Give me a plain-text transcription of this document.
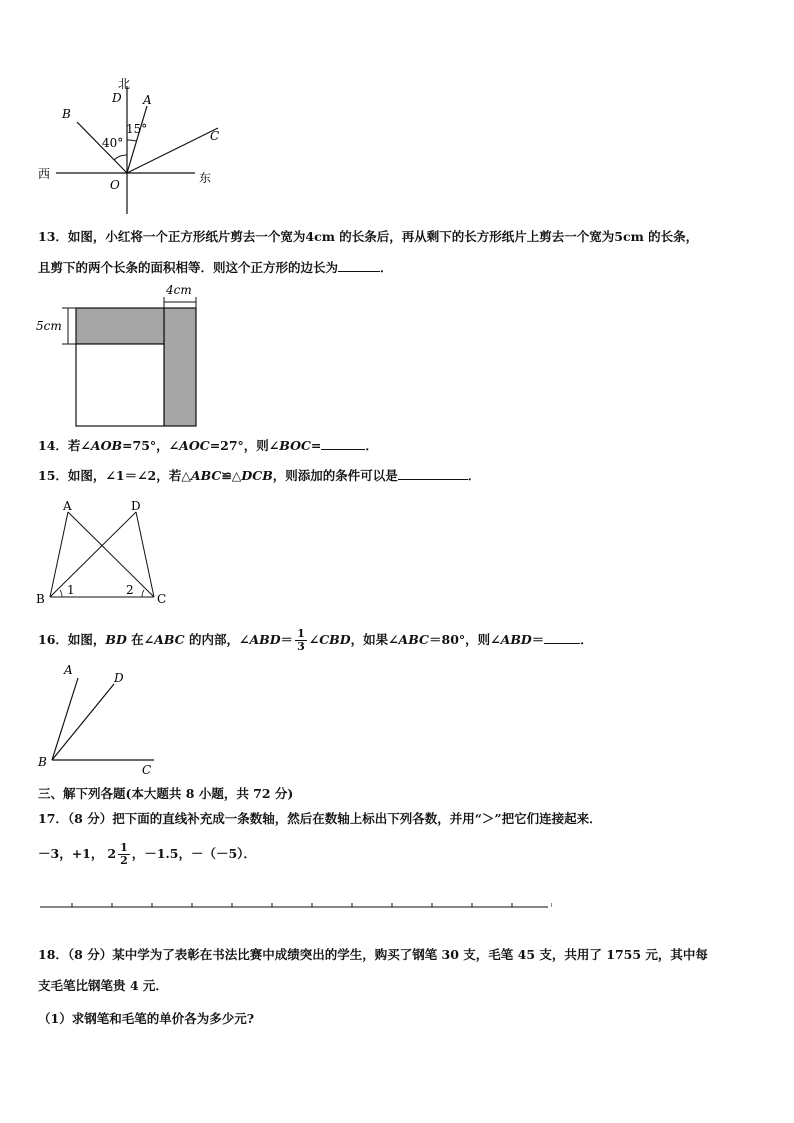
北
D A
B
C
15°
40°
西
O	东
13．如图，小红将一个正方形纸片剪去一个宽为4cm 的长条后，再从剩下的长方形纸片上剪去一个宽为5cm 的长条，
且剪下的两个长条的面积相等．则这个正方形的边长为	．
4cm
5cm
14．若∠AOB=75°，∠AOC=27°，则∠BOC=	．
15．如图，∠1＝∠2，若△ABC≌△DCB，则添加的条件可以是	．
A	D
B	C
1	2
16．如图，BD 在∠ABC 的内部，∠ABD＝ $\frac{1}{3}$ ∠CBD，如果∠ABC＝80°，则∠ABD＝	．
A
D
B
C
三、解下列各题(本大题共 8 小题，共 72 分)
17．（8 分）把下面的直线补充成一条数轴，然后在数轴上标出下列各数，并用“＞”把它们连接起来．
－3，+1， $2 \frac{1}{2}$ ，－1.5，－（－5）．
18．（8 分）某中学为了表彰在书法比赛中成绩突出的学生，购买了钢笔 30 支，毛笔 45 支，共用了 1755 元，其中每
支毛笔比钢笔贵 4 元．
（1）求钢笔和毛笔的单价各为多少元?
